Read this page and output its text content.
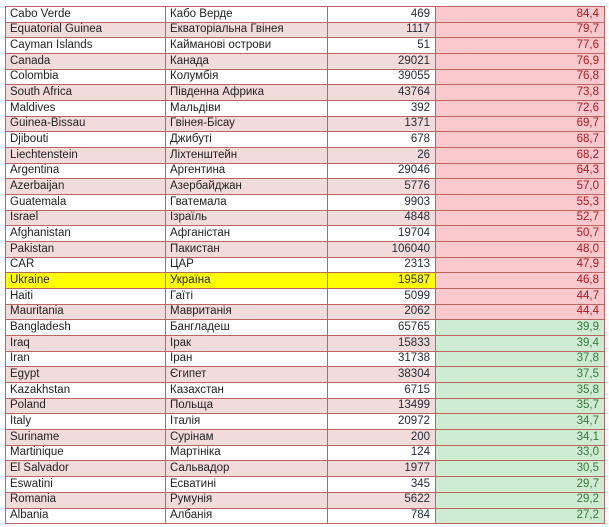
Cabo Verde	Кабо Верде	469	84,4
Equatorial Guinea	Екваторіальна Гвінея	1117	79,7
Cayman Islands	Кайманові острови	51	77,6
Canada	Канада	29021	76,9
Colombia	Колумбія	39055	76,8
South Africa	Південна Африка	43764	73,8
Maldives	Мальдіви	392	72,6
Guinea-Bissau	Гвінея-Бісау	1371	69,7
Djibouti	Джибуті	678	68,7
Liechtenstein	Ліхтенштейн	26	68,2
Argentina	Аргентина	29046	64,3
Azerbaijan	Азербайджан	5776	57,0
Guatemala	Гватемала	9903	55,3
Israel	Ізраїль	4848	52,7
Afghanistan	Афганістан	19704	50,7
Pakistan	Пакистан	106040	48,0
CAR	ЦАР	2313	47,9
Ukraine	Україна	19587	46,8
Haiti	Гаїті	5099	44,7
Mauritania	Мавританія	2062	44,4
Bangladesh	Бангладеш	65765	39,9
Iraq	Ірак	15833	39,4
Iran	Іран	31738	37,8
Egypt	Єгипет	38304	37,5
Kazakhstan	Казахстан	6715	35,8
Poland	Польща	13499	35,7
Italy	Італія	20972	34,7
Suriname	Сурінам	200	34,1
Martinique	Мартініка	124	33,0
El Salvador	Сальвадор	1977	30,5
Eswatini	Есватині	345	29,7
Romania	Румунія	5622	29,2
Albania	Албанія	784	27,2
